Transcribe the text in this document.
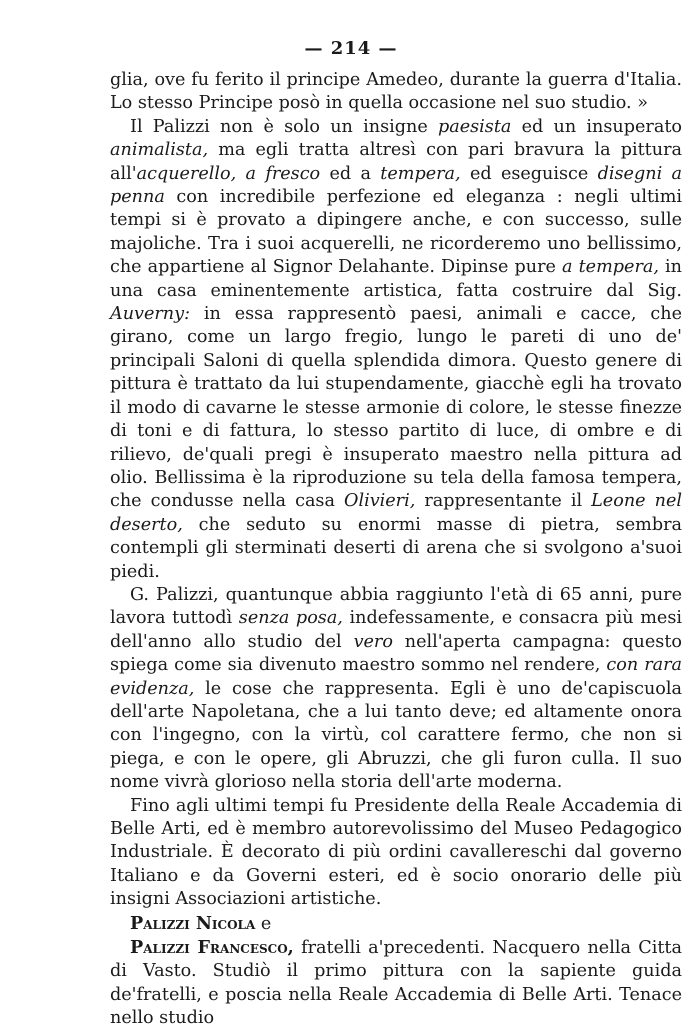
— 214 —

glia, ove fu ferito il principe Amedeo, durante la guerra d'Italia. Lo stesso Principe posò in quella occasione nel suo studio. »

Il Palizzi non è solo un insigne paesista ed un insuperato animalista, ma egli tratta altresì con pari bravura la pittura all'acquerello, a fresco ed a tempera, ed eseguisce disegni a penna con incredibile perfezione ed eleganza : negli ultimi tempi si è provato a dipingere anche, e con successo, sulle majoliche. Tra i suoi acquerelli, ne ricorderemo uno bellissimo, che appartiene al Signor Delahante. Dipinse pure a tempera, in una casa eminentemente artistica, fatta costruire dal Sig. Auverny: in essa rappresentò paesi, animali e cacce, che girano, come un largo fregio, lungo le pareti di uno de' principali Saloni di quella splendida dimora. Questo genere di pittura è trattato da lui stupendamente, giacchè egli ha trovato il modo di cavarne le stesse armonie di colore, le stesse finezze di toni e di fattura, lo stesso partito di luce, di ombre e di rilievo, de'quali pregi è insuperato maestro nella pittura ad olio. Bellissima è la riproduzione su tela della famosa tempera, che condusse nella casa Olivieri, rappresentante il Leone nel deserto, che seduto su enormi masse di pietra, sembra contempli gli sterminati deserti di arena che si svolgono a'suoi piedi.

G. Palizzi, quantunque abbia raggiunto l'età di 65 anni, pure lavora tuttodì senza posa, indefessamente, e consacra più mesi dell'anno allo studio del vero nell'aperta campagna: questo spiega come sia divenuto maestro sommo nel rendere, con rara evidenza, le cose che rappresenta. Egli è uno de'capiscuola dell'arte Napoletana, che a lui tanto deve; ed altamente onora con l'ingegno, con la virtù, col carattere fermo, che non si piega, e con le opere, gli Abruzzi, che gli furon culla. Il suo nome vivrà glorioso nella storia dell'arte moderna.

Fino agli ultimi tempi fu Presidente della Reale Accademia di Belle Arti, ed è membro autorevolissimo del Museo Pedagogico Industriale. È decorato di più ordini cavallereschi dal governo Italiano e da Governi esteri, ed è socio onorario delle più insigni Associazioni artistiche.

Palizzi Nicola e

Palizzi Francesco, fratelli a'precedenti. Nacquero nella Citta di Vasto. Studiò il primo pittura con la sapiente guida de'fratelli, e poscia nella Reale Accademia di Belle Arti. Tenace nello studio
